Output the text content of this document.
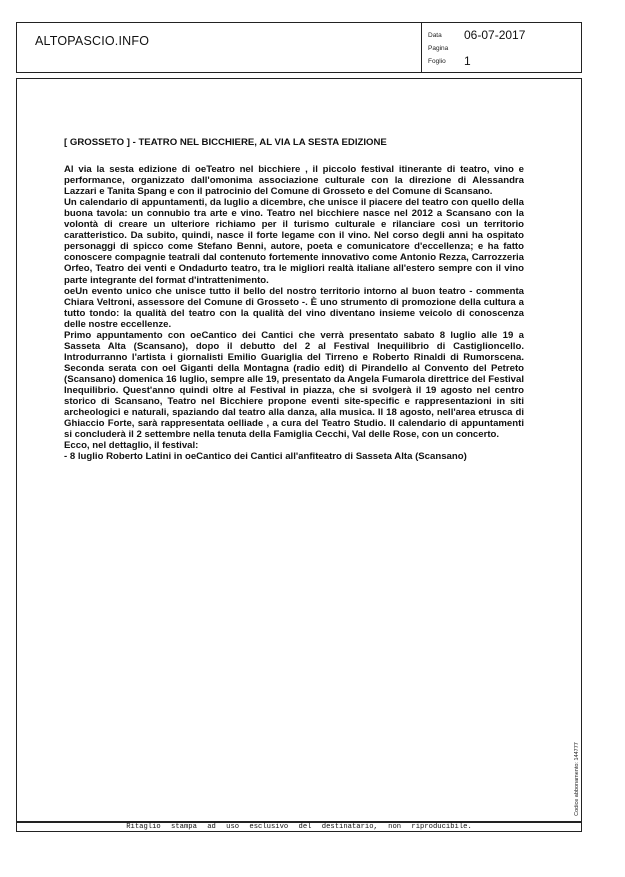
ALTOPASCIO.INFO	Data 06-07-2017
Pagina
Foglio 1
[ GROSSETO ] - TEATRO NEL BICCHIERE, AL VIA LA SESTA EDIZIONE
Al via la sesta edizione di oeTeatro nel bicchiere , il piccolo festival itinerante di teatro, vino e performance, organizzato dall'omonima associazione culturale con la direzione di Alessandra Lazzari e Tanita Spang e con il patrocinio del Comune di Grosseto e del Comune di Scansano.
Un calendario di appuntamenti, da luglio a dicembre, che unisce il piacere del teatro con quello della buona tavola: un connubio tra arte e vino. Teatro nel bicchiere nasce nel 2012 a Scansano con la volontà di creare un ulteriore richiamo per il turismo culturale e rilanciare così un territorio caratteristico. Da subito, quindi, nasce il forte legame con il vino. Nel corso degli anni ha ospitato personaggi di spicco come Stefano Benni, autore, poeta e comunicatore d'eccellenza; e ha fatto conoscere compagnie teatrali dal contenuto fortemente innovativo come Antonio Rezza, Carrozzeria Orfeo, Teatro dei venti e Ondadurto teatro, tra le migliori realtà italiane all'estero sempre con il vino parte integrante del format d'intrattenimento.
oeUn evento unico che unisce tutto il bello del nostro territorio intorno al buon teatro - commenta Chiara Veltroni, assessore del Comune di Grosseto -. È uno strumento di promozione della cultura a tutto tondo: la qualità del teatro con la qualità del vino diventano insieme veicolo di conoscenza delle nostre eccellenze.
Primo appuntamento con oeCantico dei Cantici che verrà presentato sabato 8 luglio alle 19 a Sasseta Alta (Scansano), dopo il debutto del 2 al Festival Inequilibrio di Castiglioncello. Introdurranno l'artista i giornalisti Emilio Guariglia del Tirreno e Roberto Rinaldi di Rumorscena. Seconda serata con oeI Giganti della Montagna (radio edit) di Pirandello al Convento del Petreto (Scansano) domenica 16 luglio, sempre alle 19, presentato da Angela Fumarola direttrice del Festival Inequilibrio. Quest'anno quindi oltre al Festival in piazza, che si svolgerà il 19 agosto nel centro storico di Scansano, Teatro nel Bicchiere propone eventi site-specific e rappresentazioni in siti archeologici e naturali, spaziando dal teatro alla danza, alla musica. Il 18 agosto, nell'area etrusca di Ghiaccio Forte, sarà rappresentata oelliade , a cura del Teatro Studio. Il calendario di appuntamenti si concluderà il 2 settembre nella tenuta della Famiglia Cecchi, Val delle Rose, con un concerto.
Ecco, nel dettaglio, il festival:
- 8 luglio Roberto Latini in oeCantico dei Cantici all'anfiteatro di Sasseta Alta (Scansano)
Codice abbonamento: 144777
Ritaglio stampa ad uso esclusivo del destinatario, non riproducibile.
